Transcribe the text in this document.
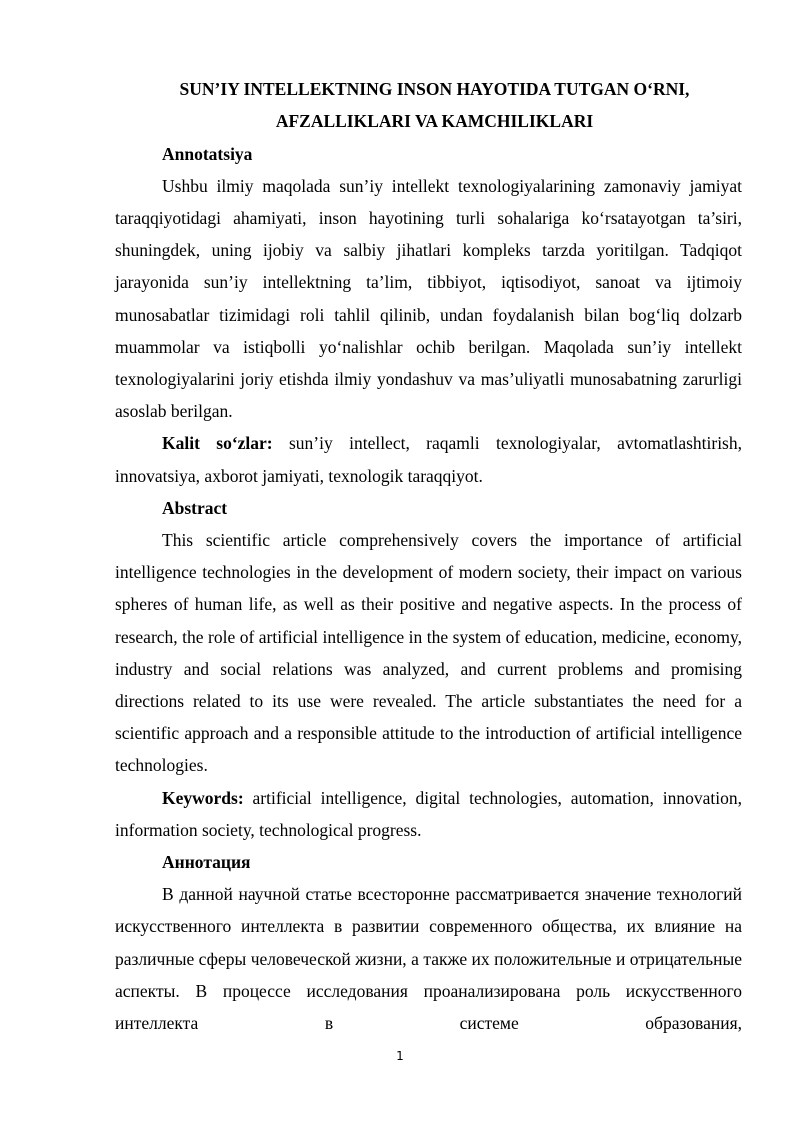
SUN’IY INTELLEKTNING INSON HAYOTIDA TUTGAN O‘RNI,

AFZALLIKLARI VA KAMCHILIKLARI

Annotatsiya

Ushbu ilmiy maqolada sun’iy intellekt texnologiyalarining zamonaviy jamiyat taraqqiyotidagi ahamiyati, inson hayotining turli sohalariga ko‘rsatayotgan ta’siri, shuningdek, uning ijobiy va salbiy jihatlari kompleks tarzda yoritilgan. Tadqiqot jarayonida sun’iy intellektning ta’lim, tibbiyot, iqtisodiyot, sanoat va ijtimoiy munosabatlar tizimidagi roli tahlil qilinib, undan foydalanish bilan bog‘liq dolzarb muammolar va istiqbolli yo‘nalishlar ochib berilgan. Maqolada sun’iy intellekt texnologiyalarini joriy etishda ilmiy yondashuv va mas’uliyatli munosabatning zarurligi asoslab berilgan.

Kalit so‘zlar: sun’iy intellect, raqamli texnologiyalar, avtomatlashtirish, innovatsiya, axborot jamiyati, texnologik taraqqiyot.

Abstract

This scientific article comprehensively covers the importance of artificial intelligence technologies in the development of modern society, their impact on various spheres of human life, as well as their positive and negative aspects. In the process of research, the role of artificial intelligence in the system of education, medicine, economy, industry and social relations was analyzed, and current problems and promising directions related to its use were revealed. The article substantiates the need for a scientific approach and a responsible attitude to the introduction of artificial intelligence technologies.

Keywords: artificial intelligence, digital technologies, automation, innovation, information society, technological progress.

Аннотация

В данной научной статье всесторонне рассматривается значение технологий искусственного интеллекта в развитии современного общества, их влияние на различные сферы человеческой жизни, а также их положительные и отрицательные аспекты. В процессе исследования проанализирована роль искусственного интеллекта в системе образования,

1
